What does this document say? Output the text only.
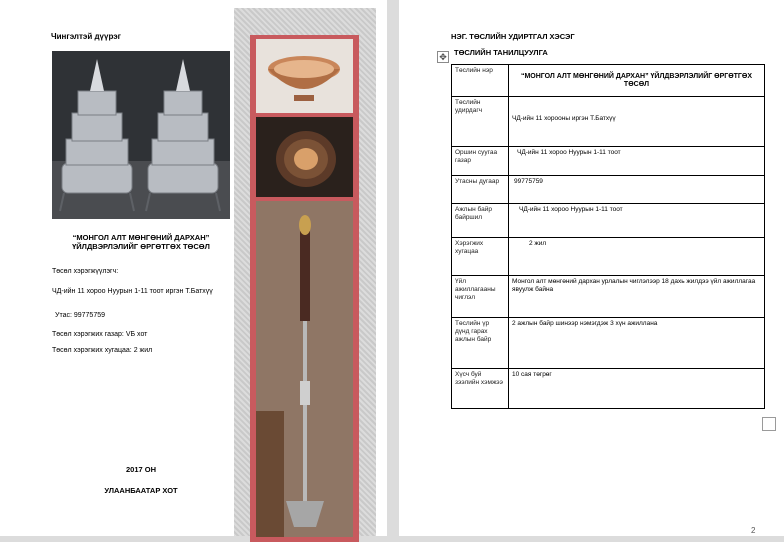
Чингэлтэй дүүрэг
“МОНГОЛ АЛТ МӨНГӨНИЙ ДАРХАН”
ҮЙЛДВЭРЛЭЛИЙГ ӨРГӨТГӨХ ТӨСӨЛ
Төсөл хэрэгжүүлэгч:
ЧД-ийн 11 хороо Нуурын 1-11 тоот иргэн Т.Батхүү
Утас: 99775759
Төсөл хэрэгжих газар: VБ хот
Төсөл хэрэгжих хугацаа: 2 жил
2017 ОН
УЛААНБААТАР ХОТ
НЭГ. ТӨСЛИЙН УДИРТГАЛ ХЭСЭГ
✥ ТӨСЛИЙН ТАНИЛЦУУЛГА
Төслийн нэр	“МОНГОЛ АЛТ МӨНГӨНИЙ ДАРХАН” ҮЙЛДВЭРЛЭЛИЙГ ӨРГӨТГӨХ ТӨСӨЛ
Төслийн удирдагч	ЧД-ийн 11 хорооны иргэн Т.Батхүү
Оршин суугаа газар	ЧД-ийн 11 хороо Нуурын 1-11 тоот
Утасны дугаар	99775759
Ажлын байр байршил	ЧД-ийн 11 хороо Нуурын 1-11 тоот
Хэрэгжих хугацаа	2 жил
Үйл ажиллагааны чиглэл	Монгол алт мөнгөний дархан урлалын чиглэлээр 18 дахь жилдээ үйл ажиллагаа явуулж байна
Төслийн үр дүнд гарах ажлын байр	2 ажлын байр шинээр нэмэгдэж 3 хүн ажиллана
Хүсч буй зээлийн хэмжээ	10 сая төгрөг
2
